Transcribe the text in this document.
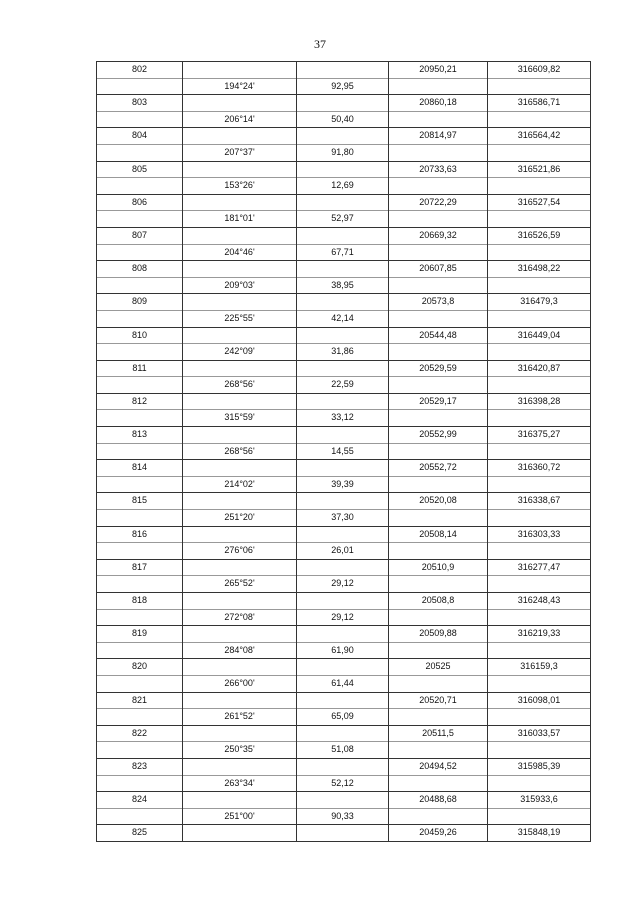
37
802			20950,21	316609,82
	194°24'	92,95		
803			20860,18	316586,71
	206°14'	50,40		
804			20814,97	316564,42
	207°37'	91,80		
805			20733,63	316521,86
	153°26'	12,69		
806			20722,29	316527,54
	181°01'	52,97		
807			20669,32	316526,59
	204°46'	67,71		
808			20607,85	316498,22
	209°03'	38,95		
809			20573,8	316479,3
	225°55'	42,14		
810			20544,48	316449,04
	242°09'	31,86		
811			20529,59	316420,87
	268°56'	22,59		
812			20529,17	316398,28
	315°59'	33,12		
813			20552,99	316375,27
	268°56'	14,55		
814			20552,72	316360,72
	214°02'	39,39		
815			20520,08	316338,67
	251°20'	37,30		
816			20508,14	316303,33
	276°06'	26,01		
817			20510,9	316277,47
	265°52'	29,12		
818			20508,8	316248,43
	272°08'	29,12		
819			20509,88	316219,33
	284°08'	61,90		
820			20525	316159,3
	266°00'	61,44		
821			20520,71	316098,01
	261°52'	65,09		
822			20511,5	316033,57
	250°35'	51,08		
823			20494,52	315985,39
	263°34'	52,12		
824			20488,68	315933,6
	251°00'	90,33		
825			20459,26	315848,19
